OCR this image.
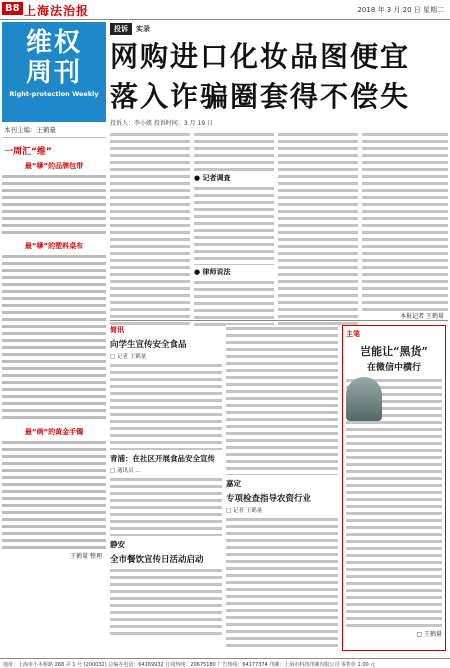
B8 上海法治报	2018 年 3 月 20 日 星期二
维权
周刊
Right-protection Weekly
本刊主编：王鹤量
一周汇“维”
最“嗲”的品牌包带
最“嗲”的塑料桌布
最“萌”的黄金手镯
王鹤量 整理
投诉	实录
网购进口化妆品图便宜
落入诈骗圈套得不偿失
投诉人：李小姐 投诉时间：3 月 19 日
● 记者调查
● 律师说法
本报记者 王鹤量
简讯
向学生宣传安全食品
□ 记者 王鹤量
青浦：在社区开展食品安全宣传
□ 通讯员 ...
静安
全市餐饮宣传日活动启动
嘉定
专项检查指导农资行业
□ 记者 王鹤量
主笔
岂能让“黑货”
在微信中横行
□ 王鹤量
地址：上海市小木桥路 268 弄 1 号 (200032) 总编办电话：64169932 订阅热线：20675180 广告热线：64177374 印刷：上海市科技印刷有限公司 零售价 1.00 元
